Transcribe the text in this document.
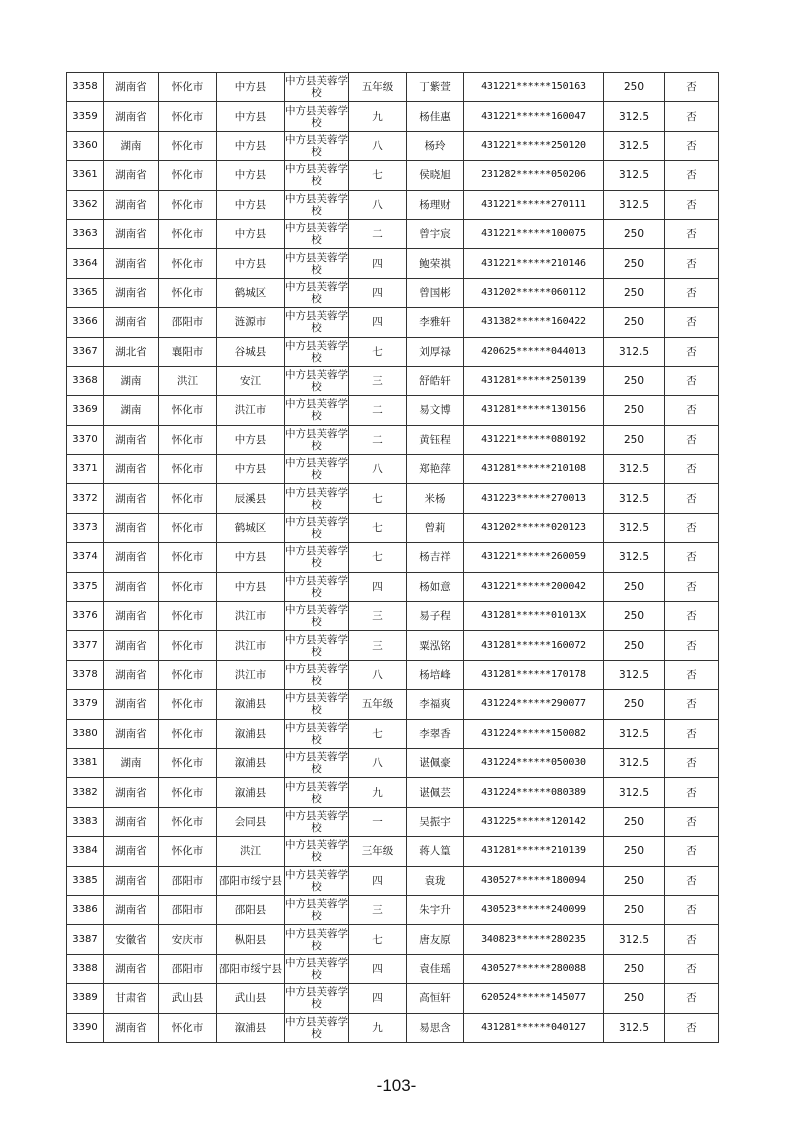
3358	湖南省	怀化市	中方县	中方县芙蓉学校	五年级	丁紫萱	431221******150163	250	否
3359	湖南省	怀化市	中方县	中方县芙蓉学校	九	杨佳惠	431221******160047	312.5	否
3360	湖南	怀化市	中方县	中方县芙蓉学校	八	杨玲	431221******250120	312.5	否
3361	湖南省	怀化市	中方县	中方县芙蓉学校	七	侯晓旭	231282******050206	312.5	否
3362	湖南省	怀化市	中方县	中方县芙蓉学校	八	杨理财	431221******270111	312.5	否
3363	湖南省	怀化市	中方县	中方县芙蓉学校	二	曾宇宸	431221******100075	250	否
3364	湖南省	怀化市	中方县	中方县芙蓉学校	四	鲍荣祺	431221******210146	250	否
3365	湖南省	怀化市	鹤城区	中方县芙蓉学校	四	曾国彬	431202******060112	250	否
3366	湖南省	邵阳市	涟源市	中方县芙蓉学校	四	李雅轩	431382******160422	250	否
3367	湖北省	襄阳市	谷城县	中方县芙蓉学校	七	刘厚禄	420625******044013	312.5	否
3368	湖南	洪江	安江	中方县芙蓉学校	三	舒皓轩	431281******250139	250	否
3369	湖南	怀化市	洪江市	中方县芙蓉学校	二	易文博	431281******130156	250	否
3370	湖南省	怀化市	中方县	中方县芙蓉学校	二	黄钰程	431221******080192	250	否
3371	湖南省	怀化市	中方县	中方县芙蓉学校	八	郑艳萍	431281******210108	312.5	否
3372	湖南省	怀化市	辰溪县	中方县芙蓉学校	七	米杨	431223******270013	312.5	否
3373	湖南省	怀化市	鹤城区	中方县芙蓉学校	七	曾莉	431202******020123	312.5	否
3374	湖南省	怀化市	中方县	中方县芙蓉学校	七	杨吉祥	431221******260059	312.5	否
3375	湖南省	怀化市	中方县	中方县芙蓉学校	四	杨如意	431221******200042	250	否
3376	湖南省	怀化市	洪江市	中方县芙蓉学校	三	易子程	431281******01013X	250	否
3377	湖南省	怀化市	洪江市	中方县芙蓉学校	三	粟泓铭	431281******160072	250	否
3378	湖南省	怀化市	洪江市	中方县芙蓉学校	八	杨培峰	431281******170178	312.5	否
3379	湖南省	怀化市	溆浦县	中方县芙蓉学校	五年级	李福爽	431224******290077	250	否
3380	湖南省	怀化市	溆浦县	中方县芙蓉学校	七	李翠香	431224******150082	312.5	否
3381	湖南	怀化市	溆浦县	中方县芙蓉学校	八	谌佩豪	431224******050030	312.5	否
3382	湖南省	怀化市	溆浦县	中方县芙蓉学校	九	谌佩芸	431224******080389	312.5	否
3383	湖南省	怀化市	会同县	中方县芙蓉学校	一	吴振宇	431225******120142	250	否
3384	湖南省	怀化市	洪江	中方县芙蓉学校	三年级	蒋人篁	431281******210139	250	否
3385	湖南省	邵阳市	邵阳市绥宁县	中方县芙蓉学校	四	袁珑	430527******180094	250	否
3386	湖南省	邵阳市	邵阳县	中方县芙蓉学校	三	朱宇升	430523******240099	250	否
3387	安徽省	安庆市	枞阳县	中方县芙蓉学校	七	唐友原	340823******280235	312.5	否
3388	湖南省	邵阳市	邵阳市绥宁县	中方县芙蓉学校	四	袁佳瑶	430527******280088	250	否
3389	甘肃省	武山县	武山县	中方县芙蓉学校	四	高恒轩	620524******145077	250	否
3390	湖南省	怀化市	溆浦县	中方县芙蓉学校	九	易思含	431281******040127	312.5	否
-103-
